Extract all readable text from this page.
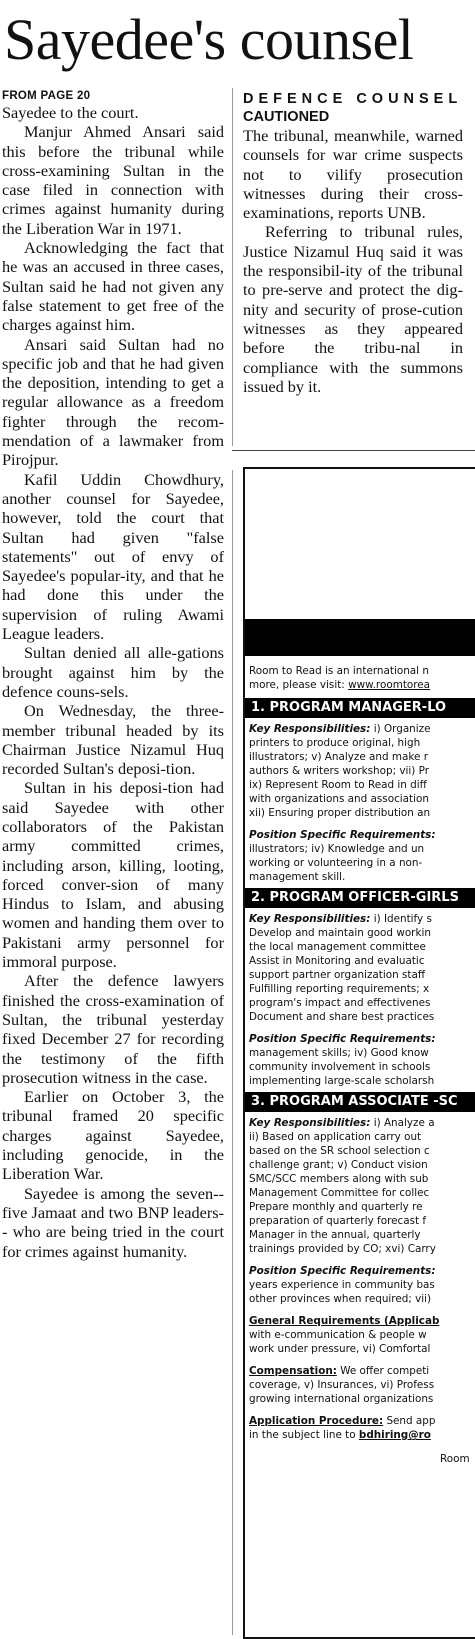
Sayedee's counsel
FROM PAGE 20

Sayedee to the court.

Manjur Ahmed Ansari said this before the tribunal while cross-examining Sultan in the case filed in connection with crimes against humanity during the Liberation War in 1971.

Acknowledging the fact that he was an accused in three cases, Sultan said he had not given any false statement to get free of the charges against him.

Ansari said Sultan had no specific job and that he had given the deposition, intending to get a regular allowance as a freedom fighter through the recom-mendation of a lawmaker from Pirojpur.

Kafil Uddin Chowdhury, another counsel for Sayedee, however, told the court that Sultan had given "false statements" out of envy of Sayedee's popular-ity, and that he had done this under the supervision of ruling Awami League leaders.

Sultan denied all alle-gations brought against him by the defence couns-sels.

On Wednesday, the three-member tribunal headed by its Chairman Justice Nizamul Huq recorded Sultan's deposi-tion.

Sultan in his deposi-tion had said Sayedee with other collaborators of the Pakistan army committed crimes, including arson, killing, looting, forced conver-sion of many Hindus to Islam, and abusing women and handing them over to Pakistani army personnel for immoral purpose.

After the defence lawyers finished the cross-examination of Sultan, the tribunal yesterday fixed December 27 for recording the testimony of the fifth prosecution witness in the case.

Earlier on October 3, the tribunal framed 20 specific charges against Sayedee, including genocide, in the Liberation War.

Sayedee is among the seven-- five Jamaat and two BNP leaders-- who are being tried in the court for crimes against humanity.

DEFENCE COUNSEL
CAUTIONED

The tribunal, meanwhile, warned counsels for war crime suspects not to vilify prosecution witnesses during their cross-examinations, reports UNB.

Referring to tribunal rules, Justice Nizamul Huq said it was the responsibil-ity of the tribunal to pre-serve and protect the dig-nity and security of prose-cution witnesses as they appeared before the tribu-nal in compliance with the summons issued by it.

Room to Read is an international n
more, please visit: www.roomtorea
1. PROGRAM MANAGER-LO
Key Responsibilities: i) Organize
printers to produce original, high
illustrators; v) Analyze and make r
authors & writers workshop; vii) Pr
ix) Represent Room to Read in diff
with organizations and association
xii) Ensuring proper distribution an
Position Specific Requirements:
illustrators; iv) Knowledge and un
working or volunteering in a non-
management skill.
2. PROGRAM OFFICER-GIRLS
Key Responsibilities: i) Identify s
Develop and maintain good workin
the local management committee
Assist in Monitoring and evaluatic
support partner organization staff
Fulfilling reporting requirements; x
program's impact and effectivenes
Document and share best practices
Position Specific Requirements:
management skills; iv) Good know
community involvement in schools
implementing large-scale scholarsh
3. PROGRAM ASSOCIATE -SC
Key Responsibilities: i) Analyze a
ii) Based on application carry out
based on the SR school selection c
challenge grant; v) Conduct vision
SMC/SCC members along with sub
Management Committee for collec
Prepare monthly and quarterly re
preparation of quarterly forecast f
Manager in the annual, quarterly
trainings provided by CO; xvi) Carry
Position Specific Requirements:
years experience in community bas
other provinces when required; vii)
General Requirements (Applicab
with e-communication & people w
work under pressure, vi) Comfortal
Compensation: We offer competi
coverage, v) Insurances, vi) Profess
growing international organizations
Application Procedure: Send app
in the subject line to bdhiring@ro
Room
